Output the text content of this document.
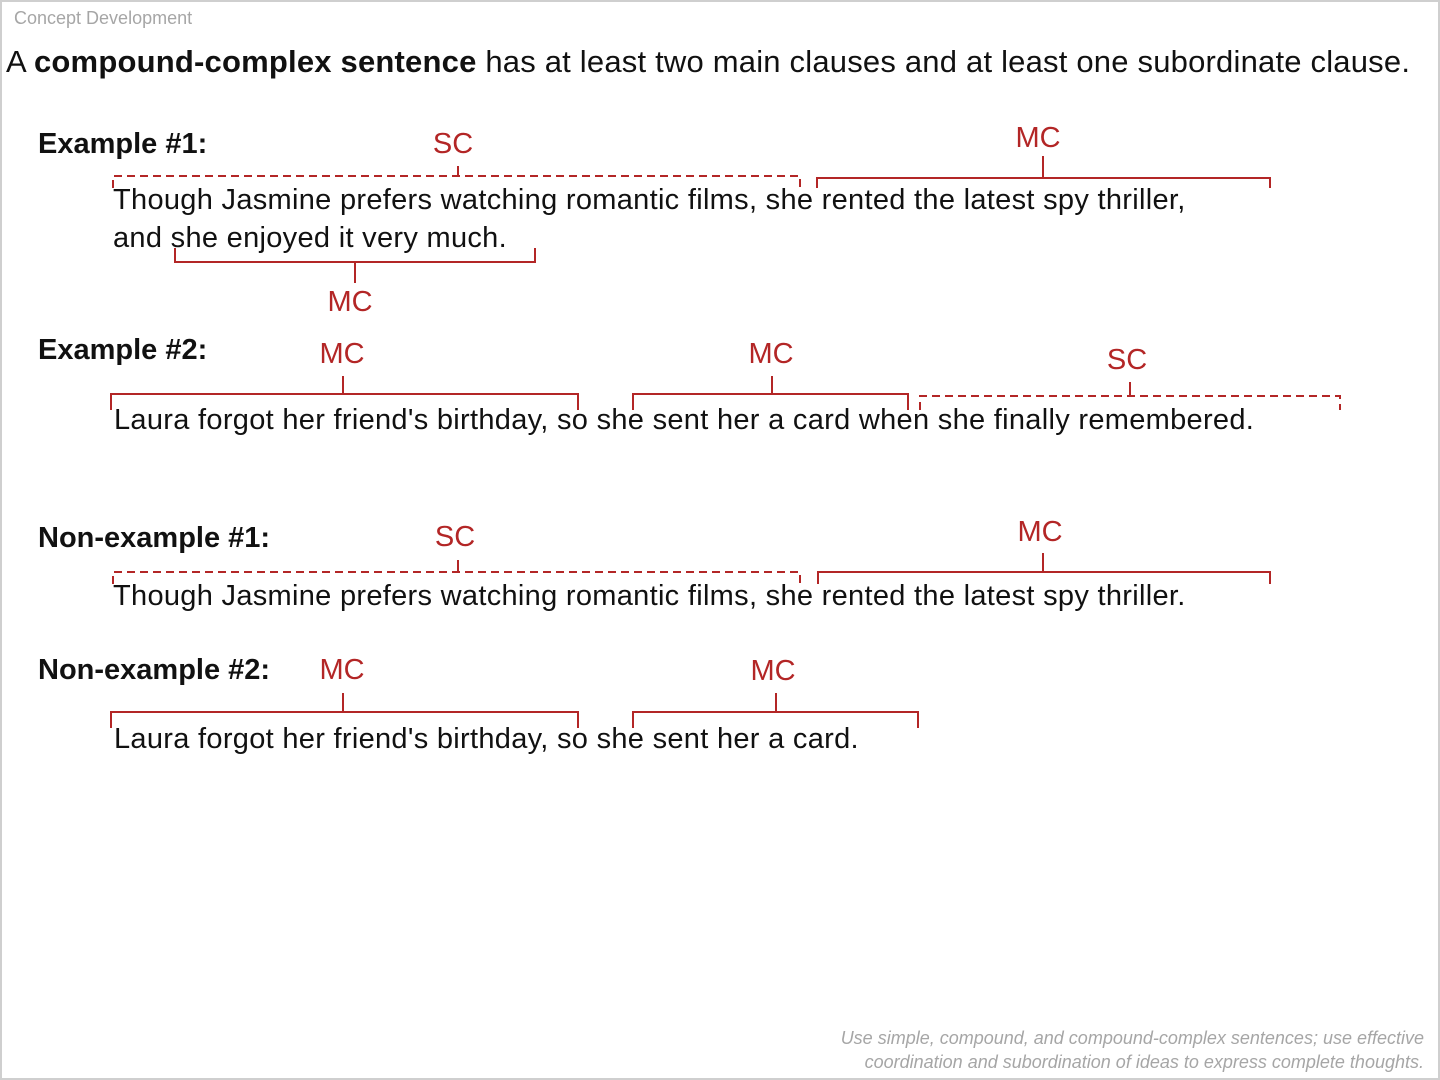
Concept Development
A compound-complex sentence has at least two main clauses and at least one subordinate clause.
Example #1:	SC	MC
Though Jasmine prefers watching romantic films, she rented the latest spy thriller,
and she enjoyed it very much.
MC
Example #2:	MC	MC	SC
Laura forgot her friend's birthday, so she sent her a card when she finally remembered.
Non-example #1:	SC	MC
Though Jasmine prefers watching romantic films, she rented the latest spy thriller.
Non-example #2: MC	MC
Laura forgot her friend's birthday, so she sent her a card.
Use simple, compound, and compound-complex sentences; use effective
coordination and subordination of ideas to express complete thoughts.
